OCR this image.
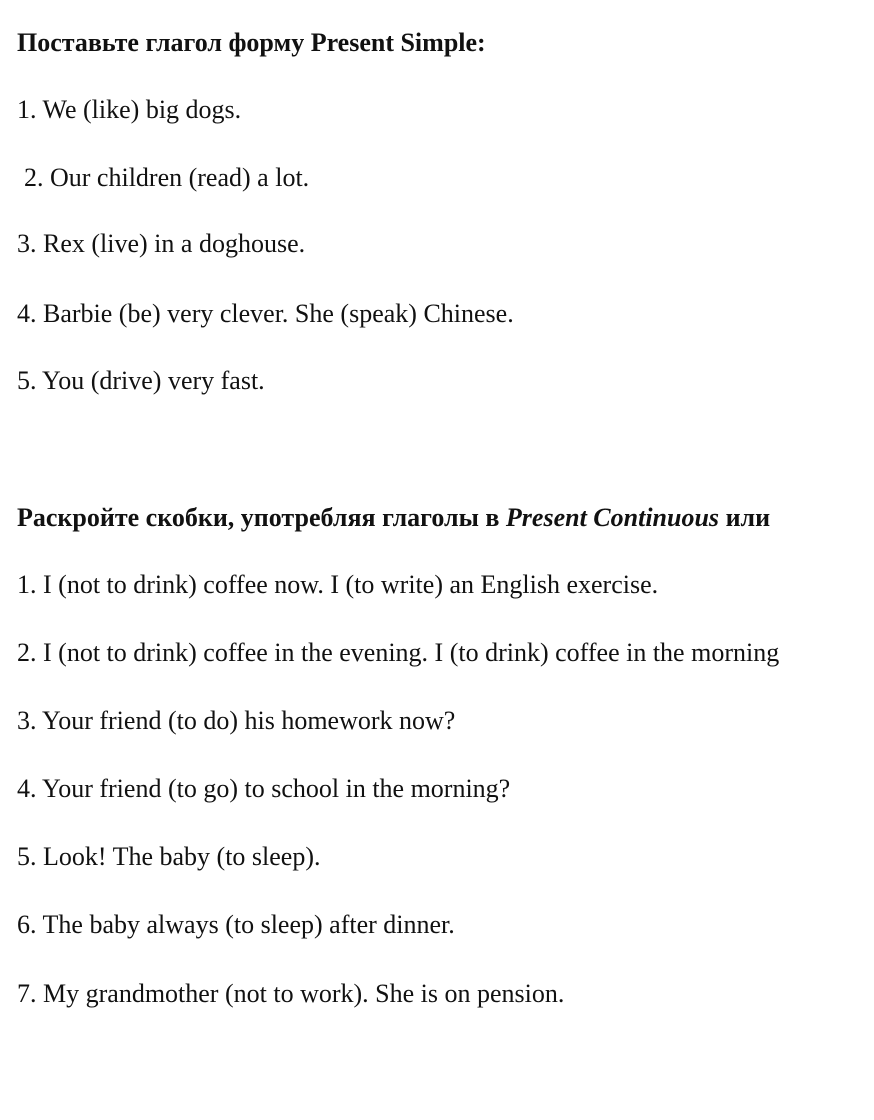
Поставьте глагол форму Present Simple:
1. We (like) big dogs.
2. Our children (read) a lot.
3. Rex (live) in a doghouse.
4. Barbie (be) very clever. She (speak) Chinese.
5. You (drive) very fast.
Раскройте скобки, употребляя глаголы в Present Continuous или
1. I (not to drink) coffee now. I (to write) an English exercise.
2. I (not to drink) coffee in the evening. I (to drink) coffee in the morning
3. Your friend (to do) his homework now?
4. Your friend (to go) to school in the morning?
5. Look! The baby (to sleep).
6. The baby always (to sleep) after dinner.
7. My grandmother (not to work). She is on pension.
